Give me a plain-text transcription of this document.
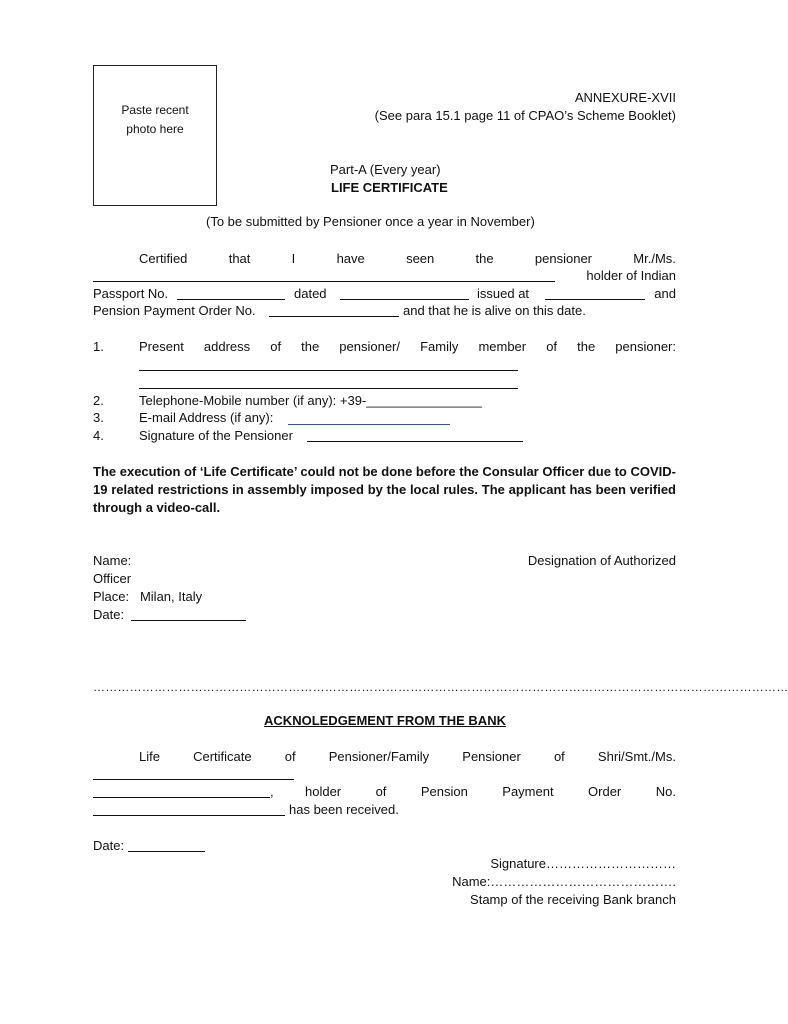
Paste recent
photo here
ANNEXURE-XVII
(See para 15.1 page 11 of CPAO’s Scheme Booklet)
Part-A (Every year)
LIFE CERTIFICATE
(To be submitted by Pensioner once a year in November)
Certified	that	I	have	seen	the	pensioner	Mr./Ms.
holder of Indian
Passport No.	dated	issued at	and
Pension Payment Order No.	and that he is alive on this date.
1.	Present address of the pensioner/ Family member of the pensioner:
2.	Telephone-Mobile number (if any): +39-________________
3.	E-mail Address (if any):
4.	Signature of the Pensioner
The execution of ‘Life Certificate’ could not be done before the Consular Officer due to COVID-19 related restrictions in assembly imposed by the local rules. The applicant has been verified through a video-call.
Name:	Designation of Authorized
Officer
Place:   Milan, Italy
Date:
………………………………………………………………………………………………………………………………………………………
ACKNOLEDGEMENT FROM THE BANK
Life	Certificate	of	Pensioner/Family	Pensioner	of	Shri/Smt./Ms.
, holder	of	Pension	Payment	Order	No.
has been received.
Date:
Signature…………………………
Name:…………………………………….
Stamp of the receiving Bank branch
